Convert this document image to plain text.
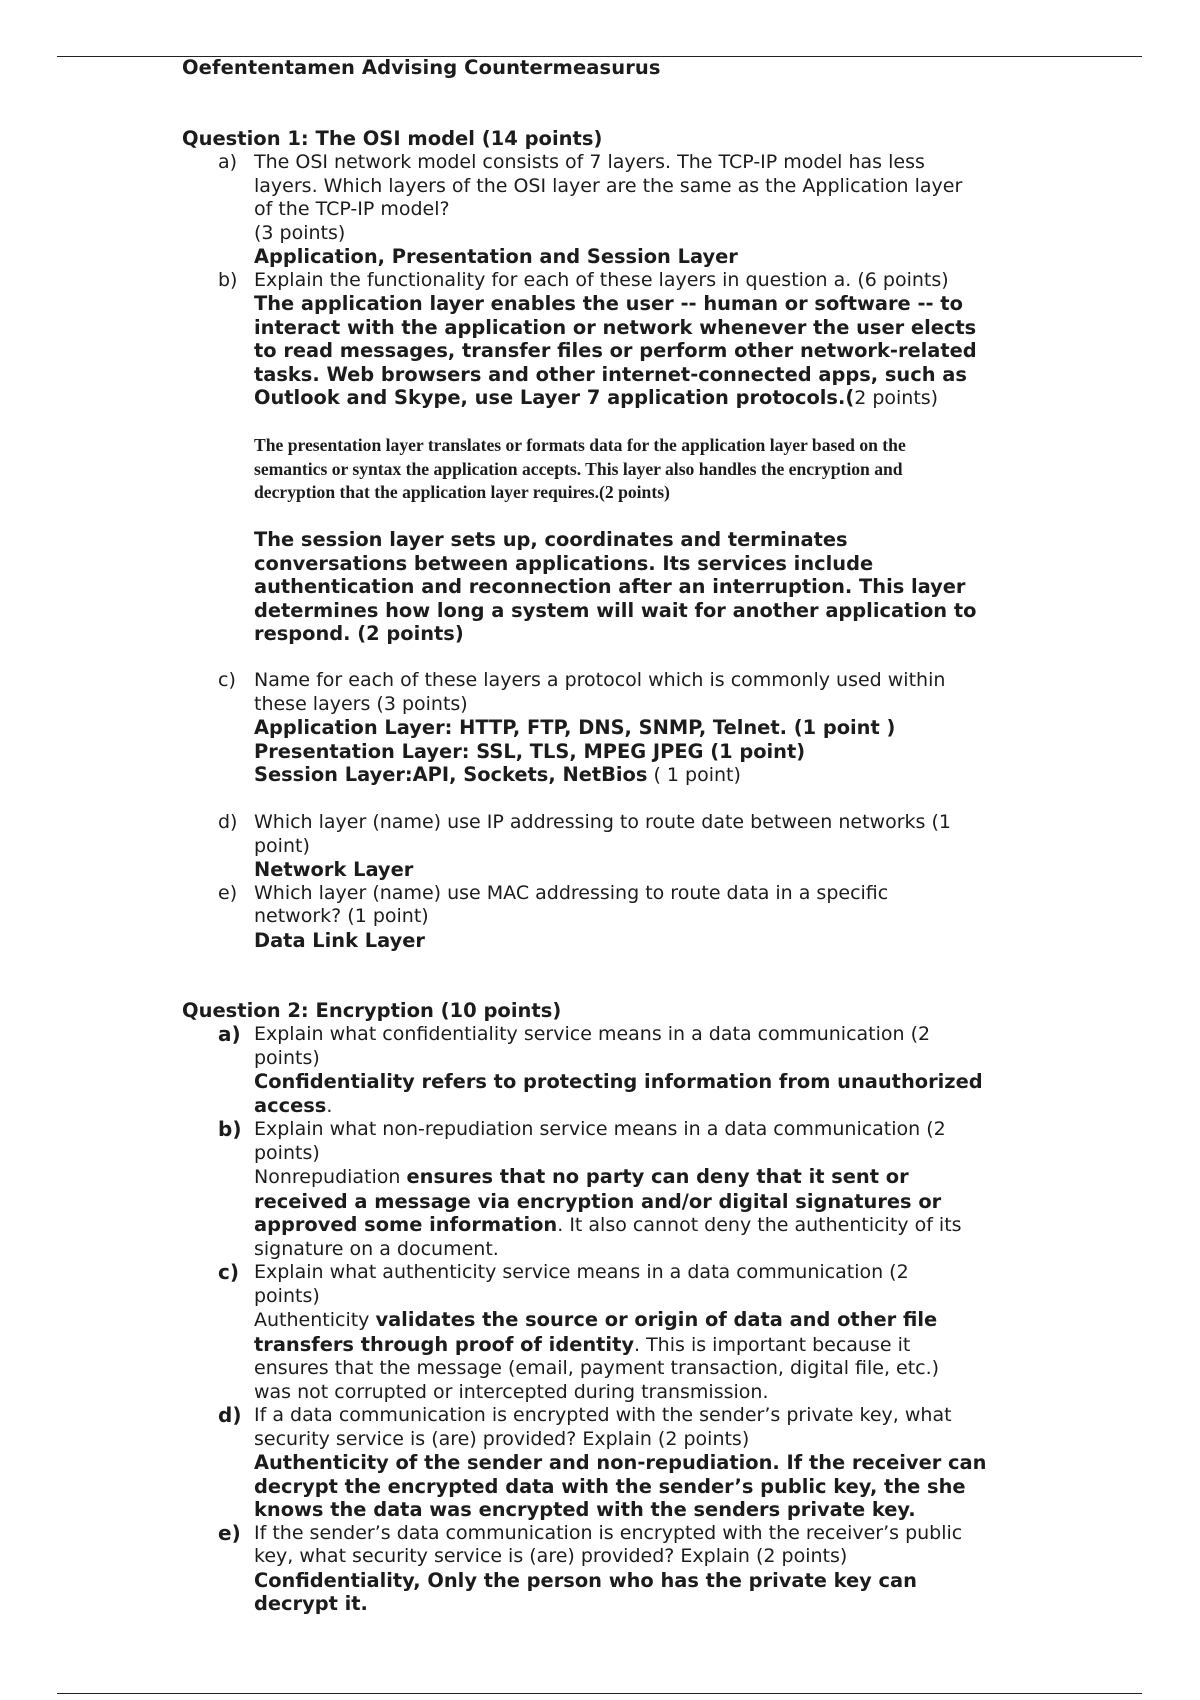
Oefententamen Advising Countermeasurus
Question 1: The OSI model (14 points)
a) The OSI network model consists of 7 layers. The TCP-IP model has less
layers. Which layers of the OSI layer are the same as the Application layer
of the TCP-IP model?
(3 points)
Application, Presentation and Session Layer
b) Explain the functionality for each of these layers in question a. (6 points)
The application layer enables the user -- human or software -- to
interact with the application or network whenever the user elects
to read messages, transfer files or perform other network-related
tasks. Web browsers and other internet-connected apps, such as
Outlook and Skype, use Layer 7 application protocols.(2 points)
The presentation layer translates or formats data for the application layer based on the
semantics or syntax the application accepts. This layer also handles the encryption and
decryption that the application layer requires.(2 points)
The session layer sets up, coordinates and terminates
conversations between applications. Its services include
authentication and reconnection after an interruption. This layer
determines how long a system will wait for another application to
respond. (2 points)
c) Name for each of these layers a protocol which is commonly used within
these layers (3 points)
Application Layer: HTTP, FTP, DNS, SNMP, Telnet. (1 point )
Presentation Layer: SSL, TLS, MPEG JPEG (1 point)
Session Layer:API, Sockets, NetBios ( 1 point)
d) Which layer (name) use IP addressing to route date between networks (1
point)
Network Layer
e) Which layer (name) use MAC addressing to route data in a specific
network? (1 point)
Data Link Layer
Question 2: Encryption (10 points)
a) Explain what confidentiality service means in a data communication (2
points)
Confidentiality refers to protecting information from unauthorized
access.
b) Explain what non-repudiation service means in a data communication (2
points)
Nonrepudiation ensures that no party can deny that it sent or
received a message via encryption and/or digital signatures or
approved some information. It also cannot deny the authenticity of its
signature on a document.
c) Explain what authenticity service means in a data communication (2
points)
Authenticity validates the source or origin of data and other file
transfers through proof of identity. This is important because it
ensures that the message (email, payment transaction, digital file, etc.)
was not corrupted or intercepted during transmission.
d) If a data communication is encrypted with the sender’s private key, what
security service is (are) provided? Explain (2 points)
Authenticity of the sender and non-repudiation. If the receiver can
decrypt the encrypted data with the sender’s public key, the she
knows the data was encrypted with the senders private key.
e) If the sender’s data communication is encrypted with the receiver’s public
key, what security service is (are) provided? Explain (2 points)
Confidentiality, Only the person who has the private key can
decrypt it.
